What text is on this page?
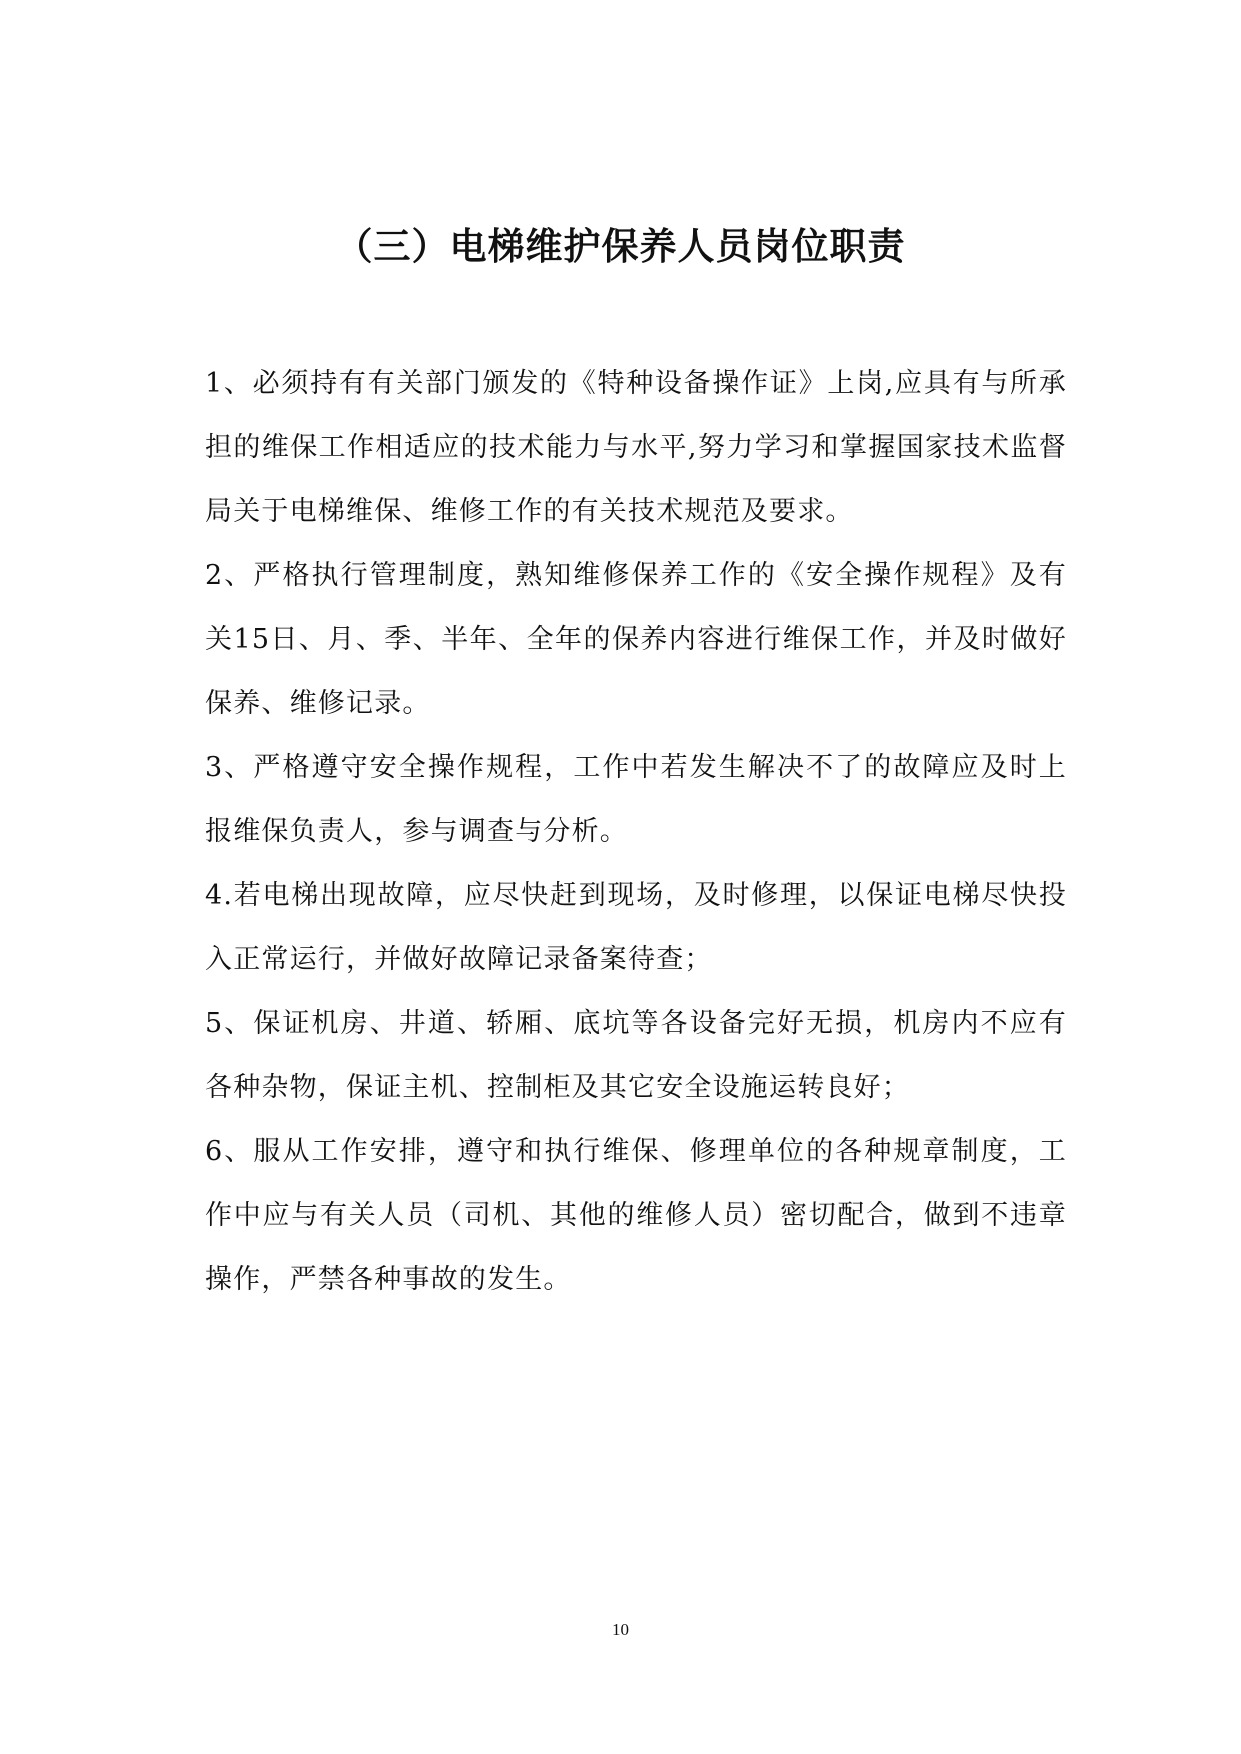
（三）电梯维护保养人员岗位职责

1、必须持有有关部门颁发的《特种设备操作证》上岗,应具有与所承担的维保工作相适应的技术能力与水平,努力学习和掌握国家技术监督局关于电梯维保、维修工作的有关技术规范及要求。

2、严格执行管理制度，熟知维修保养工作的《安全操作规程》及有关15日、月、季、半年、全年的保养内容进行维保工作，并及时做好保养、维修记录。

3、严格遵守安全操作规程，工作中若发生解决不了的故障应及时上报维保负责人，参与调查与分析。

4.若电梯出现故障，应尽快赶到现场，及时修理，以保证电梯尽快投入正常运行，并做好故障记录备案待查；

5、保证机房、井道、轿厢、底坑等各设备完好无损，机房内不应有各种杂物，保证主机、控制柜及其它安全设施运转良好；

6、服从工作安排，遵守和执行维保、修理单位的各种规章制度，工作中应与有关人员（司机、其他的维修人员）密切配合，做到不违章操作，严禁各种事故的发生。

10
